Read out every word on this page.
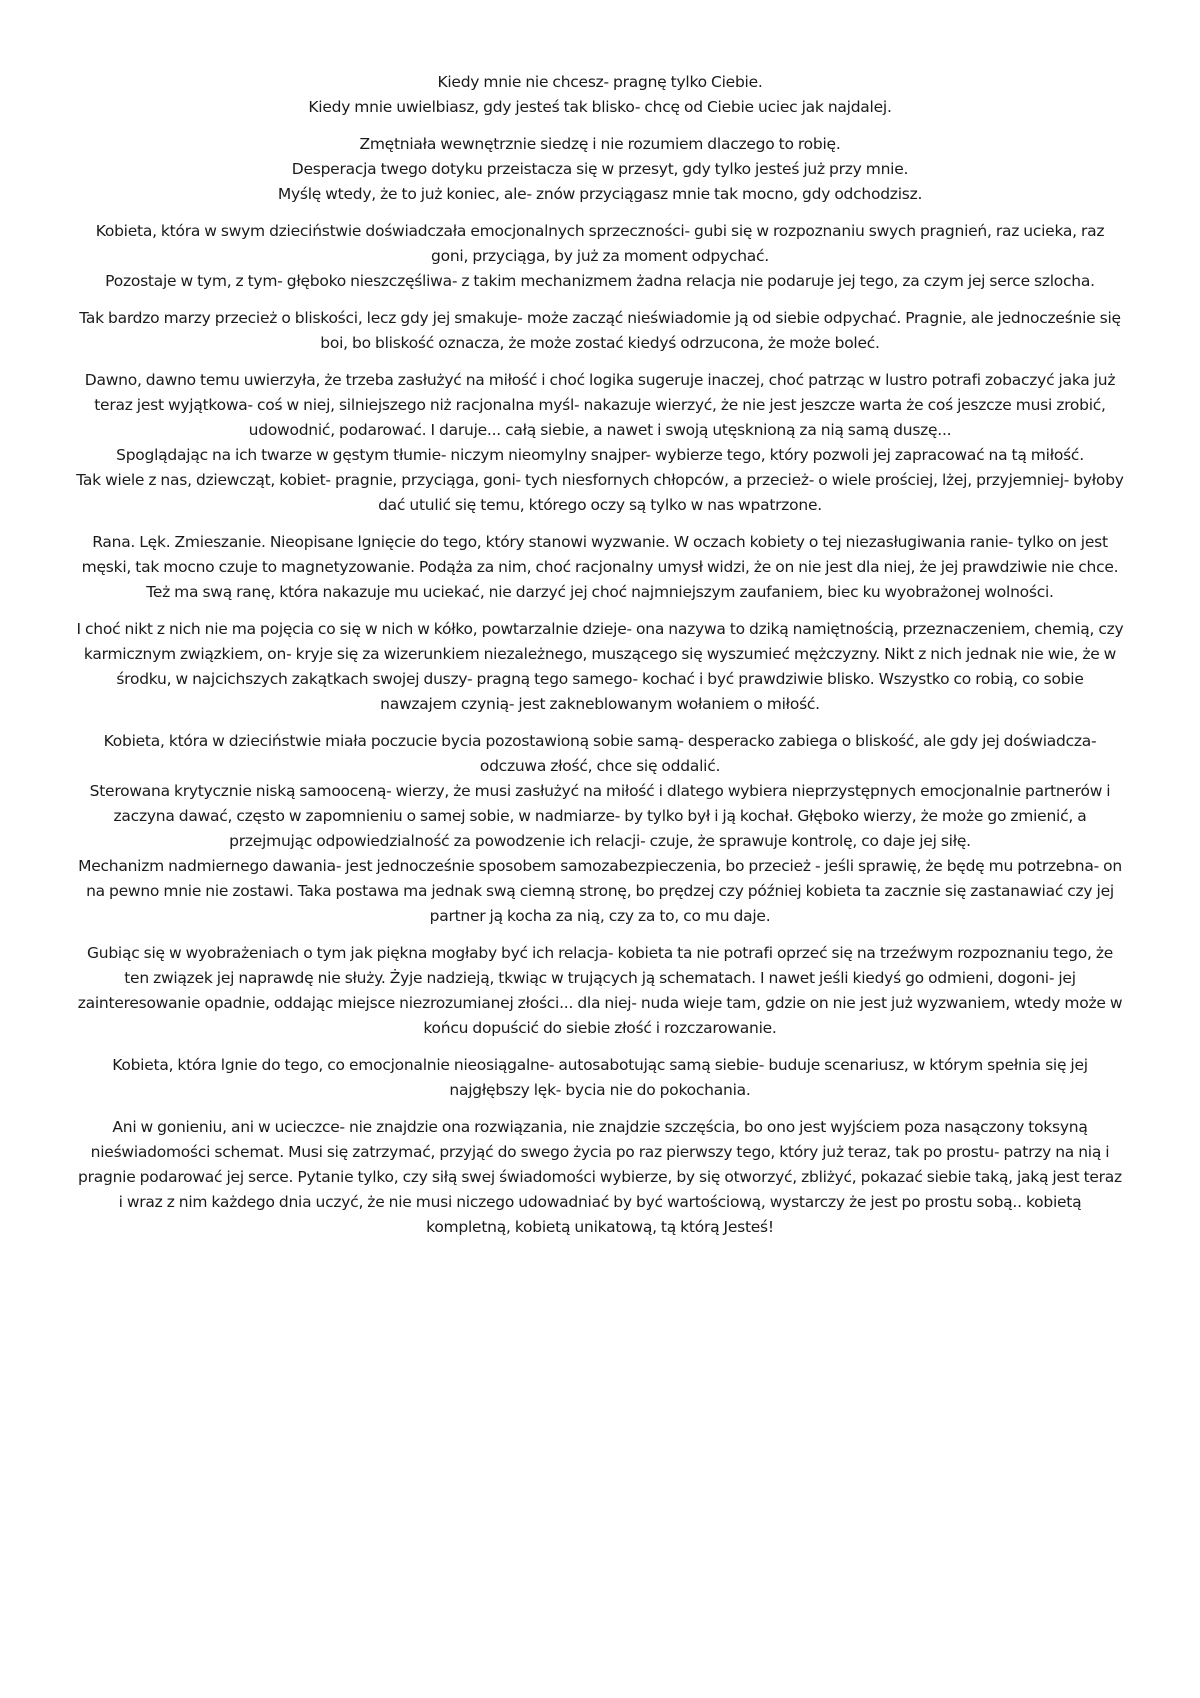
Kiedy mnie nie chcesz- pragnę tylko Ciebie.
Kiedy mnie uwielbiasz, gdy jesteś tak blisko- chcę od Ciebie uciec jak najdalej.

Zmętniała wewnętrznie siedzę i nie rozumiem dlaczego to robię.
Desperacja twego dotyku przeistacza się w przesyt, gdy tylko jesteś już przy mnie.
Myślę wtedy, że to już koniec, ale- znów przyciągasz mnie tak mocno, gdy odchodzisz.

Kobieta, która w swym dzieciństwie doświadczała emocjonalnych sprzeczności- gubi się w rozpoznaniu swych pragnień, raz ucieka, raz goni, przyciąga, by już za moment odpychać.
Pozostaje w tym, z tym- głęboko nieszczęśliwa- z takim mechanizmem żadna relacja nie podaruje jej tego, za czym jej serce szlocha.

Tak bardzo marzy przecież o bliskości, lecz gdy jej smakuje- może zacząć nieświadomie ją od siebie odpychać. Pragnie, ale jednocześnie się boi, bo bliskość oznacza, że może zostać kiedyś odrzucona, że może boleć.

Dawno, dawno temu uwierzyła, że trzeba zasłużyć na miłość i choć logika sugeruje inaczej, choć patrząc w lustro potrafi zobaczyć jaka już teraz jest wyjątkowa- coś w niej, silniejszego niż racjonalna myśl- nakazuje wierzyć, że nie jest jeszcze warta że coś jeszcze musi zrobić, udowodnić, podarować. I daruje... całą siebie, a nawet i swoją utęsknioną za nią samą duszę...
Spoglądając na ich twarze w gęstym tłumie- niczym nieomylny snajper- wybierze tego, który pozwoli jej zapracować na tą miłość.
Tak wiele z nas, dziewcząt, kobiet- pragnie, przyciąga, goni- tych niesfornych chłopców, a przecież- o wiele prościej, lżej, przyjemniej- byłoby dać utulić się temu, którego oczy są tylko w nas wpatrzone.

Rana. Lęk. Zmieszanie. Nieopisane lgnięcie do tego, który stanowi wyzwanie. W oczach kobiety o tej niezasługiwania ranie- tylko on jest męski, tak mocno czuje to magnetyzowanie. Podąża za nim, choć racjonalny umysł widzi, że on nie jest dla niej, że jej prawdziwie nie chce. Też ma swą ranę, która nakazuje mu uciekać, nie darzyć jej choć najmniejszym zaufaniem, biec ku wyobrażonej wolności.

I choć nikt z nich nie ma pojęcia co się w nich w kółko, powtarzalnie dzieje- ona nazywa to dziką namiętnością, przeznaczeniem, chemią, czy karmicznym związkiem, on- kryje się za wizerunkiem niezależnego, muszącego się wyszumieć mężczyzny. Nikt z nich jednak nie wie, że w środku, w najcichszych zakątkach swojej duszy- pragną tego samego- kochać i być prawdziwie blisko. Wszystko co robią, co sobie nawzajem czynią- jest zakneblowanym wołaniem o miłość.

Kobieta, która w dzieciństwie miała poczucie bycia pozostawioną sobie samą- desperacko zabiega o bliskość, ale gdy jej doświadcza- odczuwa złość, chce się oddalić.
Sterowana krytycznie niską samooceną- wierzy, że musi zasłużyć na miłość i dlatego wybiera nieprzystępnych emocjonalnie partnerów i zaczyna dawać, często w zapomnieniu o samej sobie, w nadmiarze- by tylko był i ją kochał. Głęboko wierzy, że może go zmienić, a przejmując odpowiedzialność za powodzenie ich relacji- czuje, że sprawuje kontrolę, co daje jej siłę.
Mechanizm nadmiernego dawania- jest jednocześnie sposobem samozabezpieczenia, bo przecież - jeśli sprawię, że będę mu potrzebna- on na pewno mnie nie zostawi. Taka postawa ma jednak swą ciemną stronę, bo prędzej czy później kobieta ta zacznie się zastanawiać czy jej partner ją kocha za nią, czy za to, co mu daje.

Gubiąc się w wyobrażeniach o tym jak piękna mogłaby być ich relacja- kobieta ta nie potrafi oprzeć się na trzeźwym rozpoznaniu tego, że ten związek jej naprawdę nie służy. Żyje nadzieją, tkwiąc w trujących ją schematach. I nawet jeśli kiedyś go odmieni, dogoni- jej zainteresowanie opadnie, oddając miejsce niezrozumianej złości... dla niej- nuda wieje tam, gdzie on nie jest już wyzwaniem, wtedy może w końcu dopuścić do siebie złość i rozczarowanie.

Kobieta, która lgnie do tego, co emocjonalnie nieosiągalne- autosabotując samą siebie- buduje scenariusz, w którym spełnia się jej najgłębszy lęk- bycia nie do pokochania.

Ani w gonieniu, ani w ucieczce- nie znajdzie ona rozwiązania, nie znajdzie szczęścia, bo ono jest wyjściem poza nasączony toksyną nieświadomości schemat. Musi się zatrzymać, przyjąć do swego życia po raz pierwszy tego, który już teraz, tak po prostu- patrzy na nią i pragnie podarować jej serce. Pytanie tylko, czy siłą swej świadomości wybierze, by się otworzyć, zbliżyć, pokazać siebie taką, jaką jest teraz i wraz z nim każdego dnia uczyć, że nie musi niczego udowadniać by być wartościową, wystarczy że jest po prostu sobą.. kobietą kompletną, kobietą unikatową, tą którą Jesteś!
